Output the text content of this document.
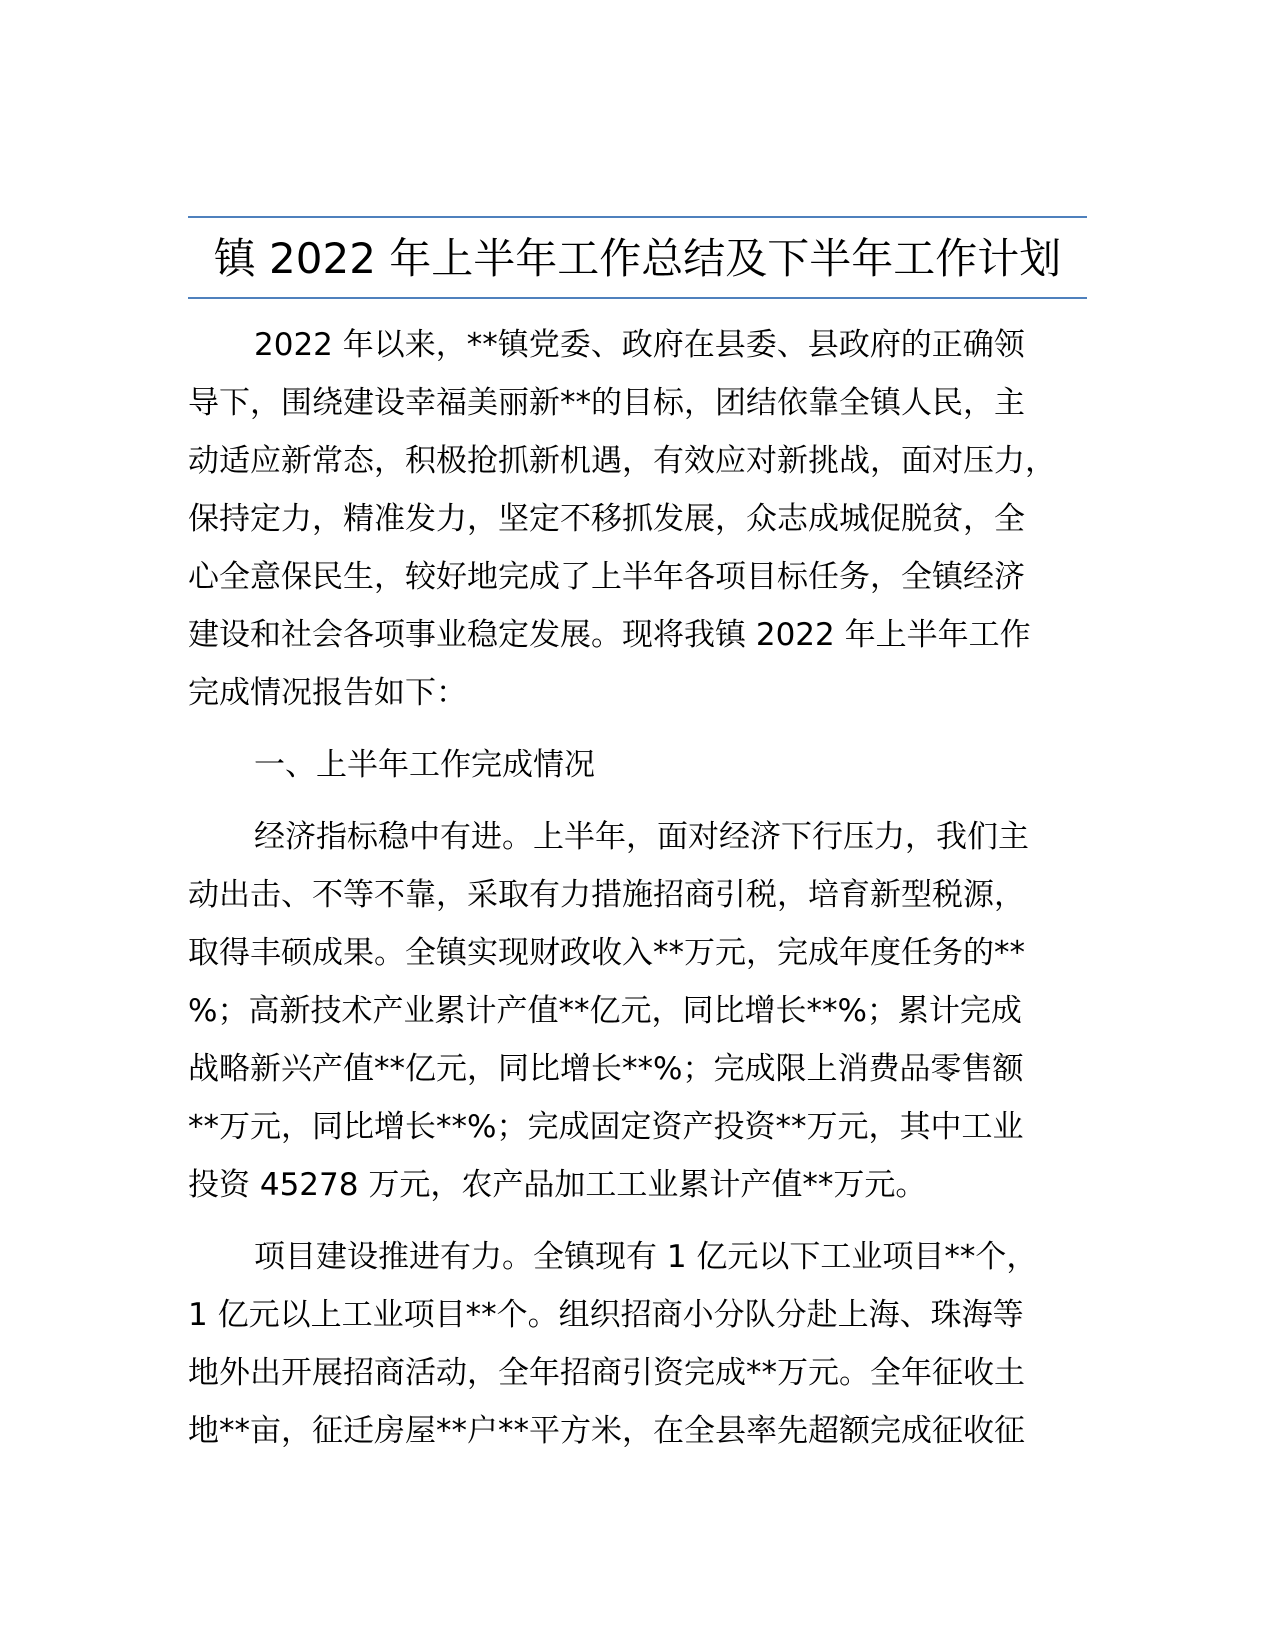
镇 2022 年上半年工作总结及下半年工作计划
2022 年以来，**镇党委、政府在县委、县政府的正确领
导下，围绕建设幸福美丽新**的目标，团结依靠全镇人民，主
动适应新常态，积极抢抓新机遇，有效应对新挑战，面对压力，
保持定力，精准发力，坚定不移抓发展，众志成城促脱贫，全
心全意保民生，较好地完成了上半年各项目标任务，全镇经济
建设和社会各项事业稳定发展。现将我镇 2022 年上半年工作
完成情况报告如下：
一、上半年工作完成情况
经济指标稳中有进。上半年，面对经济下行压力，我们主
动出击、不等不靠，采取有力措施招商引税，培育新型税源，
取得丰硕成果。全镇实现财政收入**万元，完成年度任务的**
%；高新技术产业累计产值**亿元，同比增长**%；累计完成
战略新兴产值**亿元，同比增长**%；完成限上消费品零售额
**万元，同比增长**%；完成固定资产投资**万元，其中工业
投资 45278 万元，农产品加工工业累计产值**万元。
项目建设推进有力。全镇现有 1 亿元以下工业项目**个，
1 亿元以上工业项目**个。组织招商小分队分赴上海、珠海等
地外出开展招商活动，全年招商引资完成**万元。全年征收土
地**亩，征迁房屋**户**平方米，在全县率先超额完成征收征
